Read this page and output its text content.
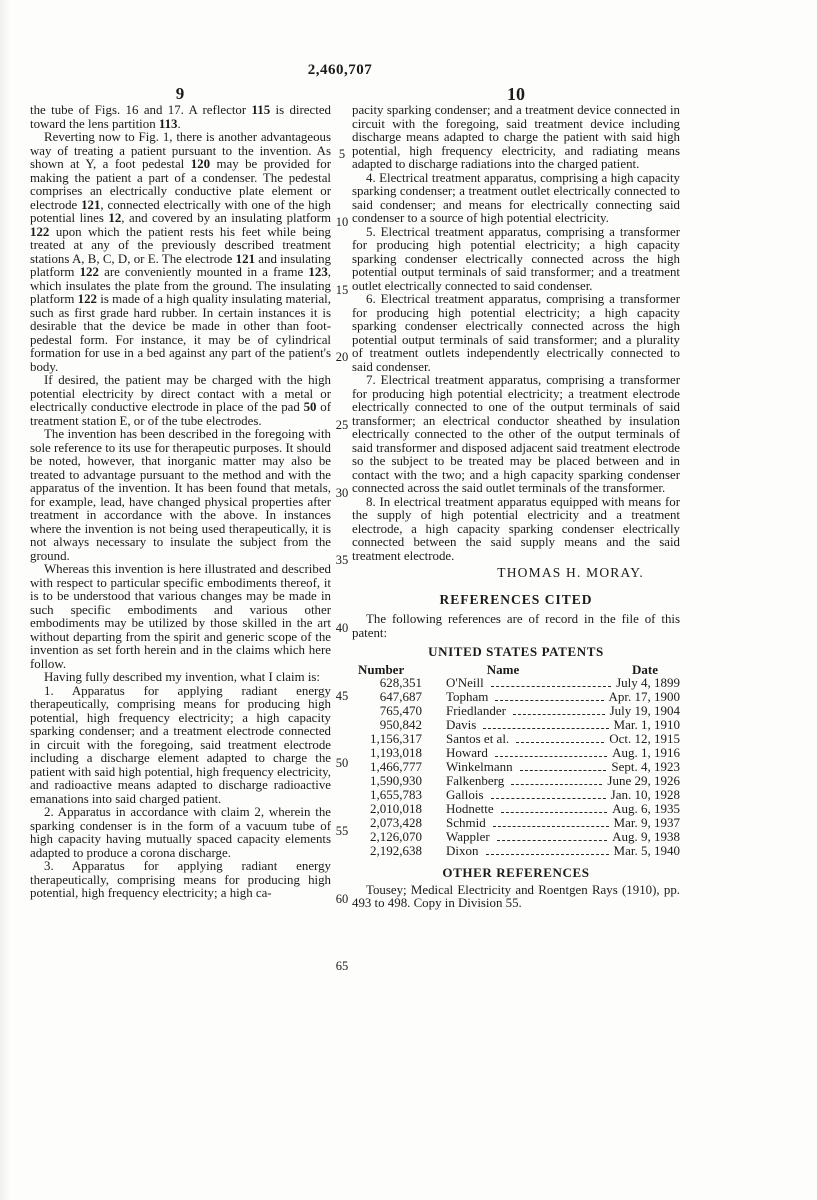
2,460,707
9	10
5
10
15
20
25
30
35
40
45
50
55
60
65

the tube of Figs. 16 and 17. A reflector 115 is directed toward the lens partition 113.

Reverting now to Fig. 1, there is another advantageous way of treating a patient pursuant to the invention. As shown at Y, a foot pedestal 120 may be provided for making the patient a part of a condenser. The pedestal comprises an electrically conductive plate element or electrode 121, connected electrically with one of the high potential lines 12, and covered by an insulating platform 122 upon which the patient rests his feet while being treated at any of the previously described treatment stations A, B, C, D, or E. The electrode 121 and insulating platform 122 are conveniently mounted in a frame 123, which insulates the plate from the ground. The insulating platform 122 is made of a high quality insulating material, such as first grade hard rubber. In certain instances it is desirable that the device be made in other than foot-pedestal form. For instance, it may be of cylindrical formation for use in a bed against any part of the patient's body.

If desired, the patient may be charged with the high potential electricity by direct contact with a metal or electrically conductive electrode in place of the pad 50 of treatment station E, or of the tube electrodes.

The invention has been described in the foregoing with sole reference to its use for therapeutic purposes. It should be noted, however, that inorganic matter may also be treated to advantage pursuant to the method and with the apparatus of the invention. It has been found that metals, for example, lead, have changed physical properties after treatment in accordance with the above. In instances where the invention is not being used therapeutically, it is not always necessary to insulate the subject from the ground.

Whereas this invention is here illustrated and described with respect to particular specific embodiments thereof, it is to be understood that various changes may be made in such specific embodiments and various other embodiments may be utilized by those skilled in the art without departing from the spirit and generic scope of the invention as set forth herein and in the claims which here follow.

Having fully described my invention, what I claim is:

1. Apparatus for applying radiant energy therapeutically, comprising means for producing high potential, high frequency electricity; a high capacity sparking condenser; and a treatment electrode connected in circuit with the foregoing, said treatment electrode including a discharge element adapted to charge the patient with said high potential, high frequency electricity, and radioactive means adapted to discharge radioactive emanations into said charged patient.

2. Apparatus in accordance with claim 2, wherein the sparking condenser is in the form of a vacuum tube of high capacity having mutually spaced capacity elements adapted to produce a corona discharge.

3. Apparatus for applying radiant energy therapeutically, comprising means for producing high potential, high frequency electricity; a high ca-

pacity sparking condenser; and a treatment device connected in circuit with the foregoing, said treatment device including discharge means adapted to charge the patient with said high potential, high frequency electricity, and radiating means adapted to discharge radiations into the charged patient.

4. Electrical treatment apparatus, comprising a high capacity sparking condenser; a treatment outlet electrically connected to said condenser; and means for electrically connecting said condenser to a source of high potential electricity.

5. Electrical treatment apparatus, comprising a transformer for producing high potential electricity; a high capacity sparking condenser electrically connected across the high potential output terminals of said transformer; and a treatment outlet electrically connected to said condenser.

6. Electrical treatment apparatus, comprising a transformer for producing high potential electricity; a high capacity sparking condenser electrically connected across the high potential output terminals of said transformer; and a plurality of treatment outlets independently electrically connected to said condenser.

7. Electrical treatment apparatus, comprising a transformer for producing high potential electricity; a treatment electrode electrically connected to one of the output terminals of said transformer; an electrical conductor sheathed by insulation electrically connected to the other of the output terminals of said transformer and disposed adjacent said treatment electrode so the subject to be treated may be placed between and in contact with the two; and a high capacity sparking condenser connected across the said outlet terminals of the transformer.

8. In electrical treatment apparatus equipped with means for the supply of high potential electricity and a treatment electrode, a high capacity sparking condenser electrically connected between the said supply means and the said treatment electrode.

THOMAS H. MORAY.
REFERENCES CITED

The following references are of record in the file of this patent:

UNITED STATES PATENTS
Number	Name	Date
628,351 O'Neill	July 4, 1899
647,687 Topham	Apr. 17, 1900
765,470 Friedlander	July 19, 1904
950,842 Davis	Mar. 1, 1910
1,156,317 Santos et al.	Oct. 12, 1915
1,193,018 Howard	Aug. 1, 1916
1,466,777 Winkelmann	Sept. 4, 1923
1,590,930 Falkenberg	June 29, 1926
1,655,783 Gallois	Jan. 10, 1928
2,010,018 Hodnette	Aug. 6, 1935
2,073,428 Schmid	Mar. 9, 1937
2,126,070 Wappler	Aug. 9, 1938
2,192,638 Dixon	Mar. 5, 1940
OTHER REFERENCES

Tousey; Medical Electricity and Roentgen Rays (1910), pp. 493 to 498. Copy in Division 55.
